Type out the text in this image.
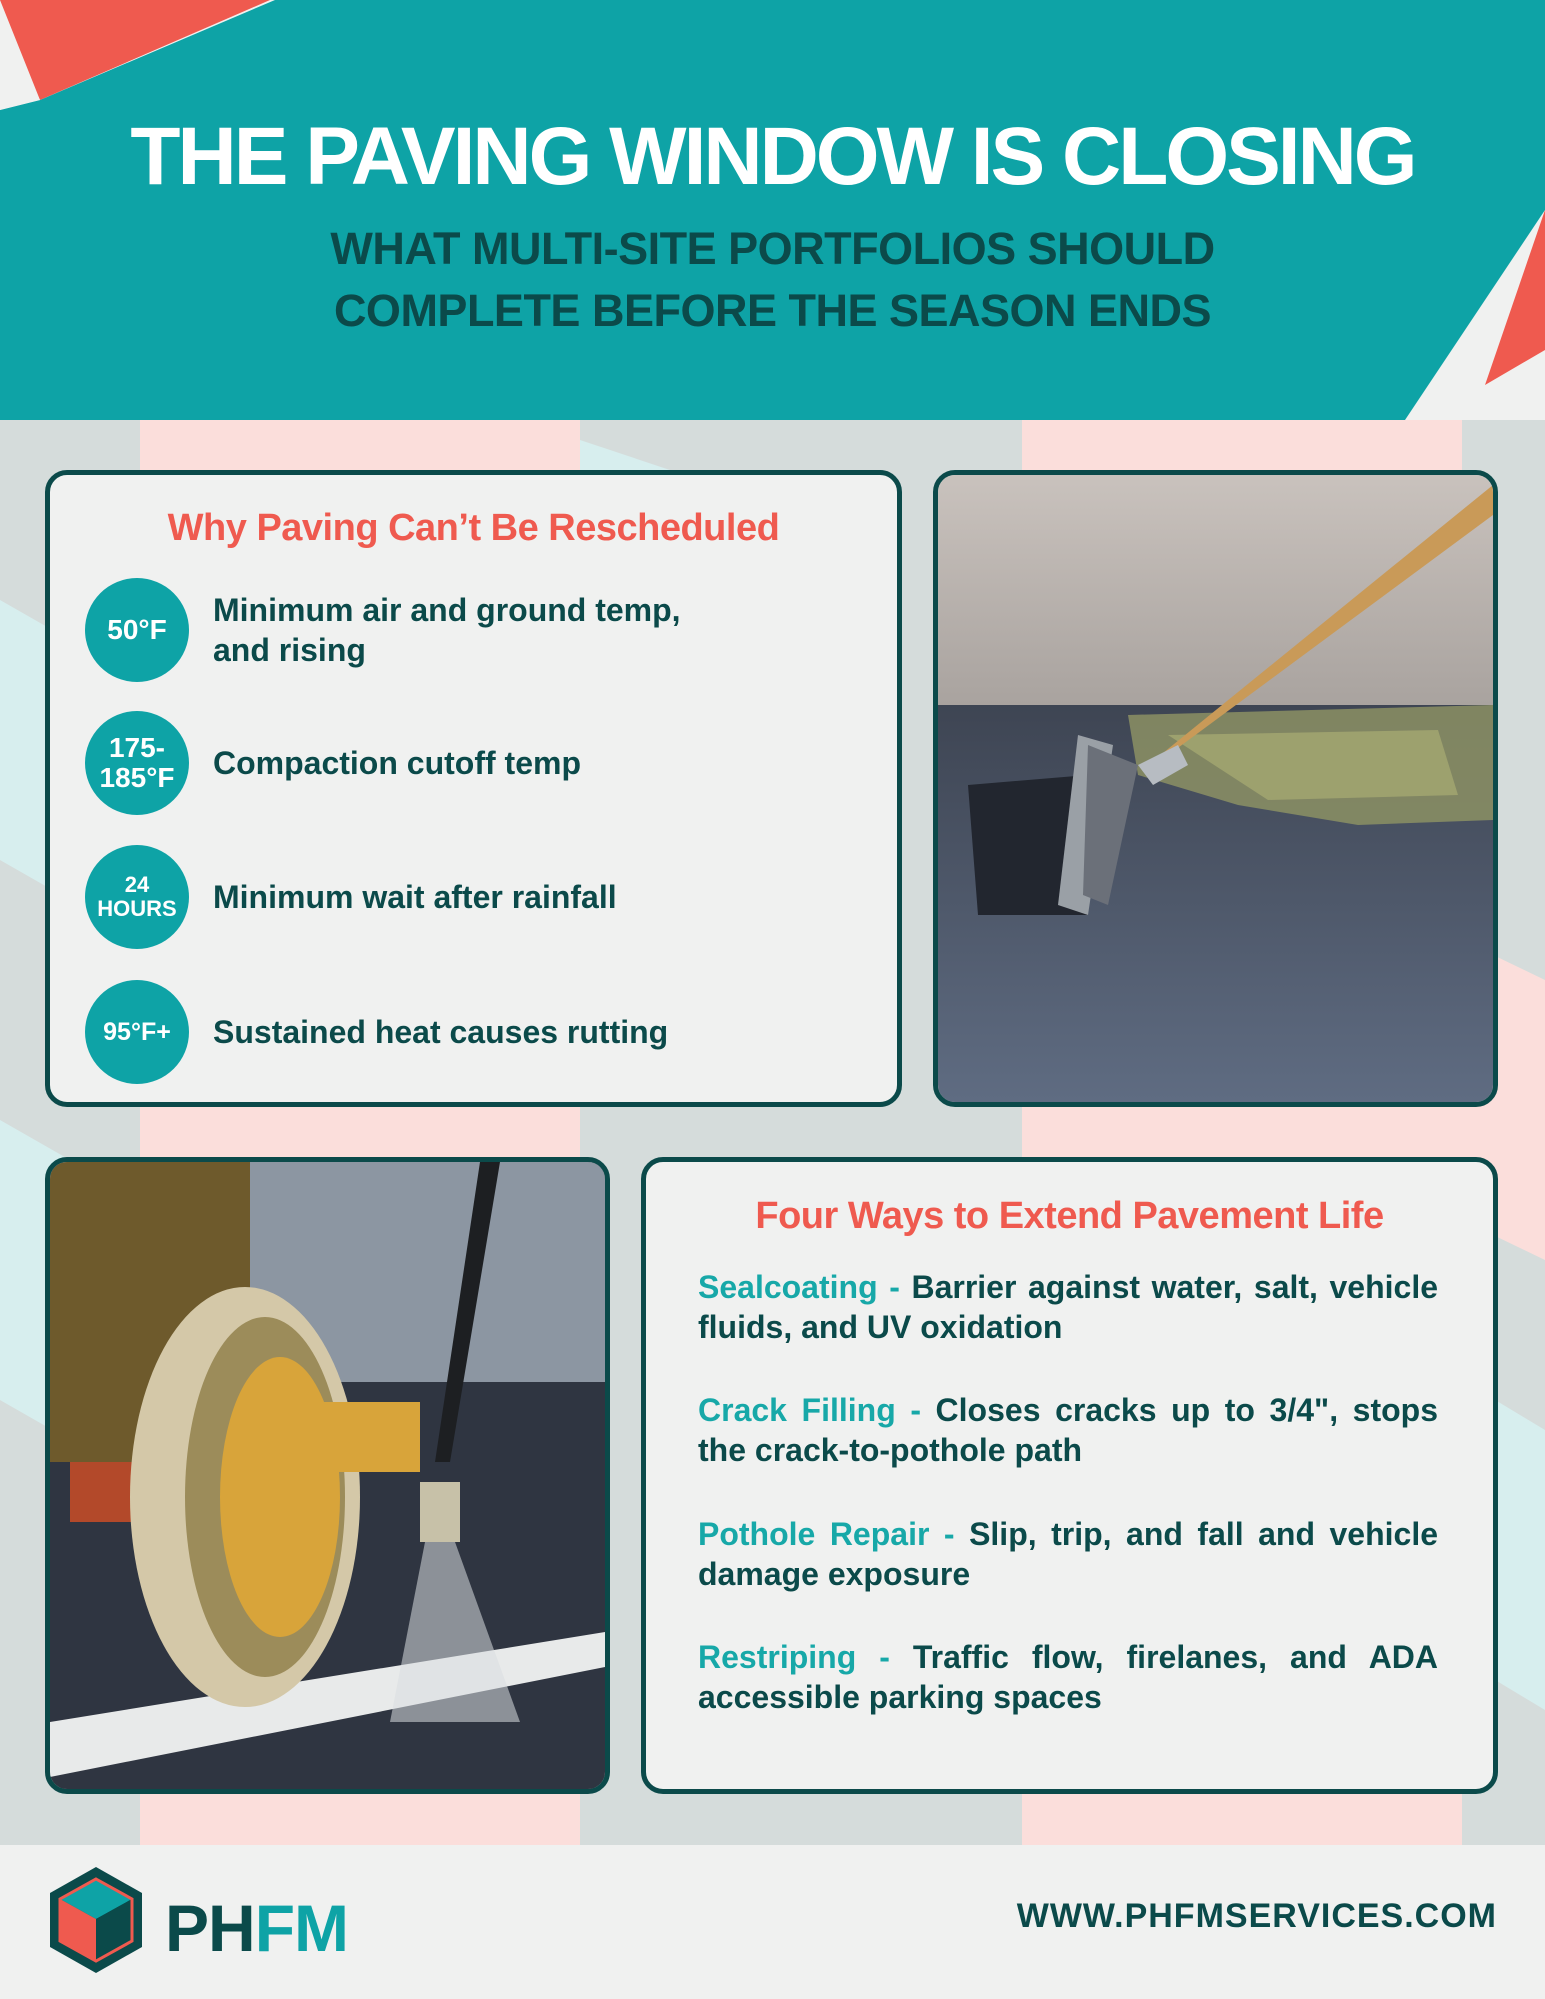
THE PAVING WINDOW IS CLOSING
WHAT MULTI-SITE PORTFOLIOS SHOULD
COMPLETE BEFORE THE SEASON ENDS
Why Paving Can’t Be Rescheduled
50°F
Minimum air and ground temp,
and rising
175-
185°F Compaction cutoff temp
24
HOURS Minimum wait after rainfall
95°F+ Sustained heat causes rutting
Four Ways to Extend Pavement Life
Sealcoating - Barrier against water, salt, vehicle fluids, and UV oxidation
Crack Filling - Closes cracks up to 3/4", stops the crack-to-pothole path
Pothole Repair - Slip, trip, and fall and vehicle damage exposure
Restriping - Traffic flow, firelanes, and ADA accessible parking spaces
PHFM	WWW.PHFMSERVICES.COM
